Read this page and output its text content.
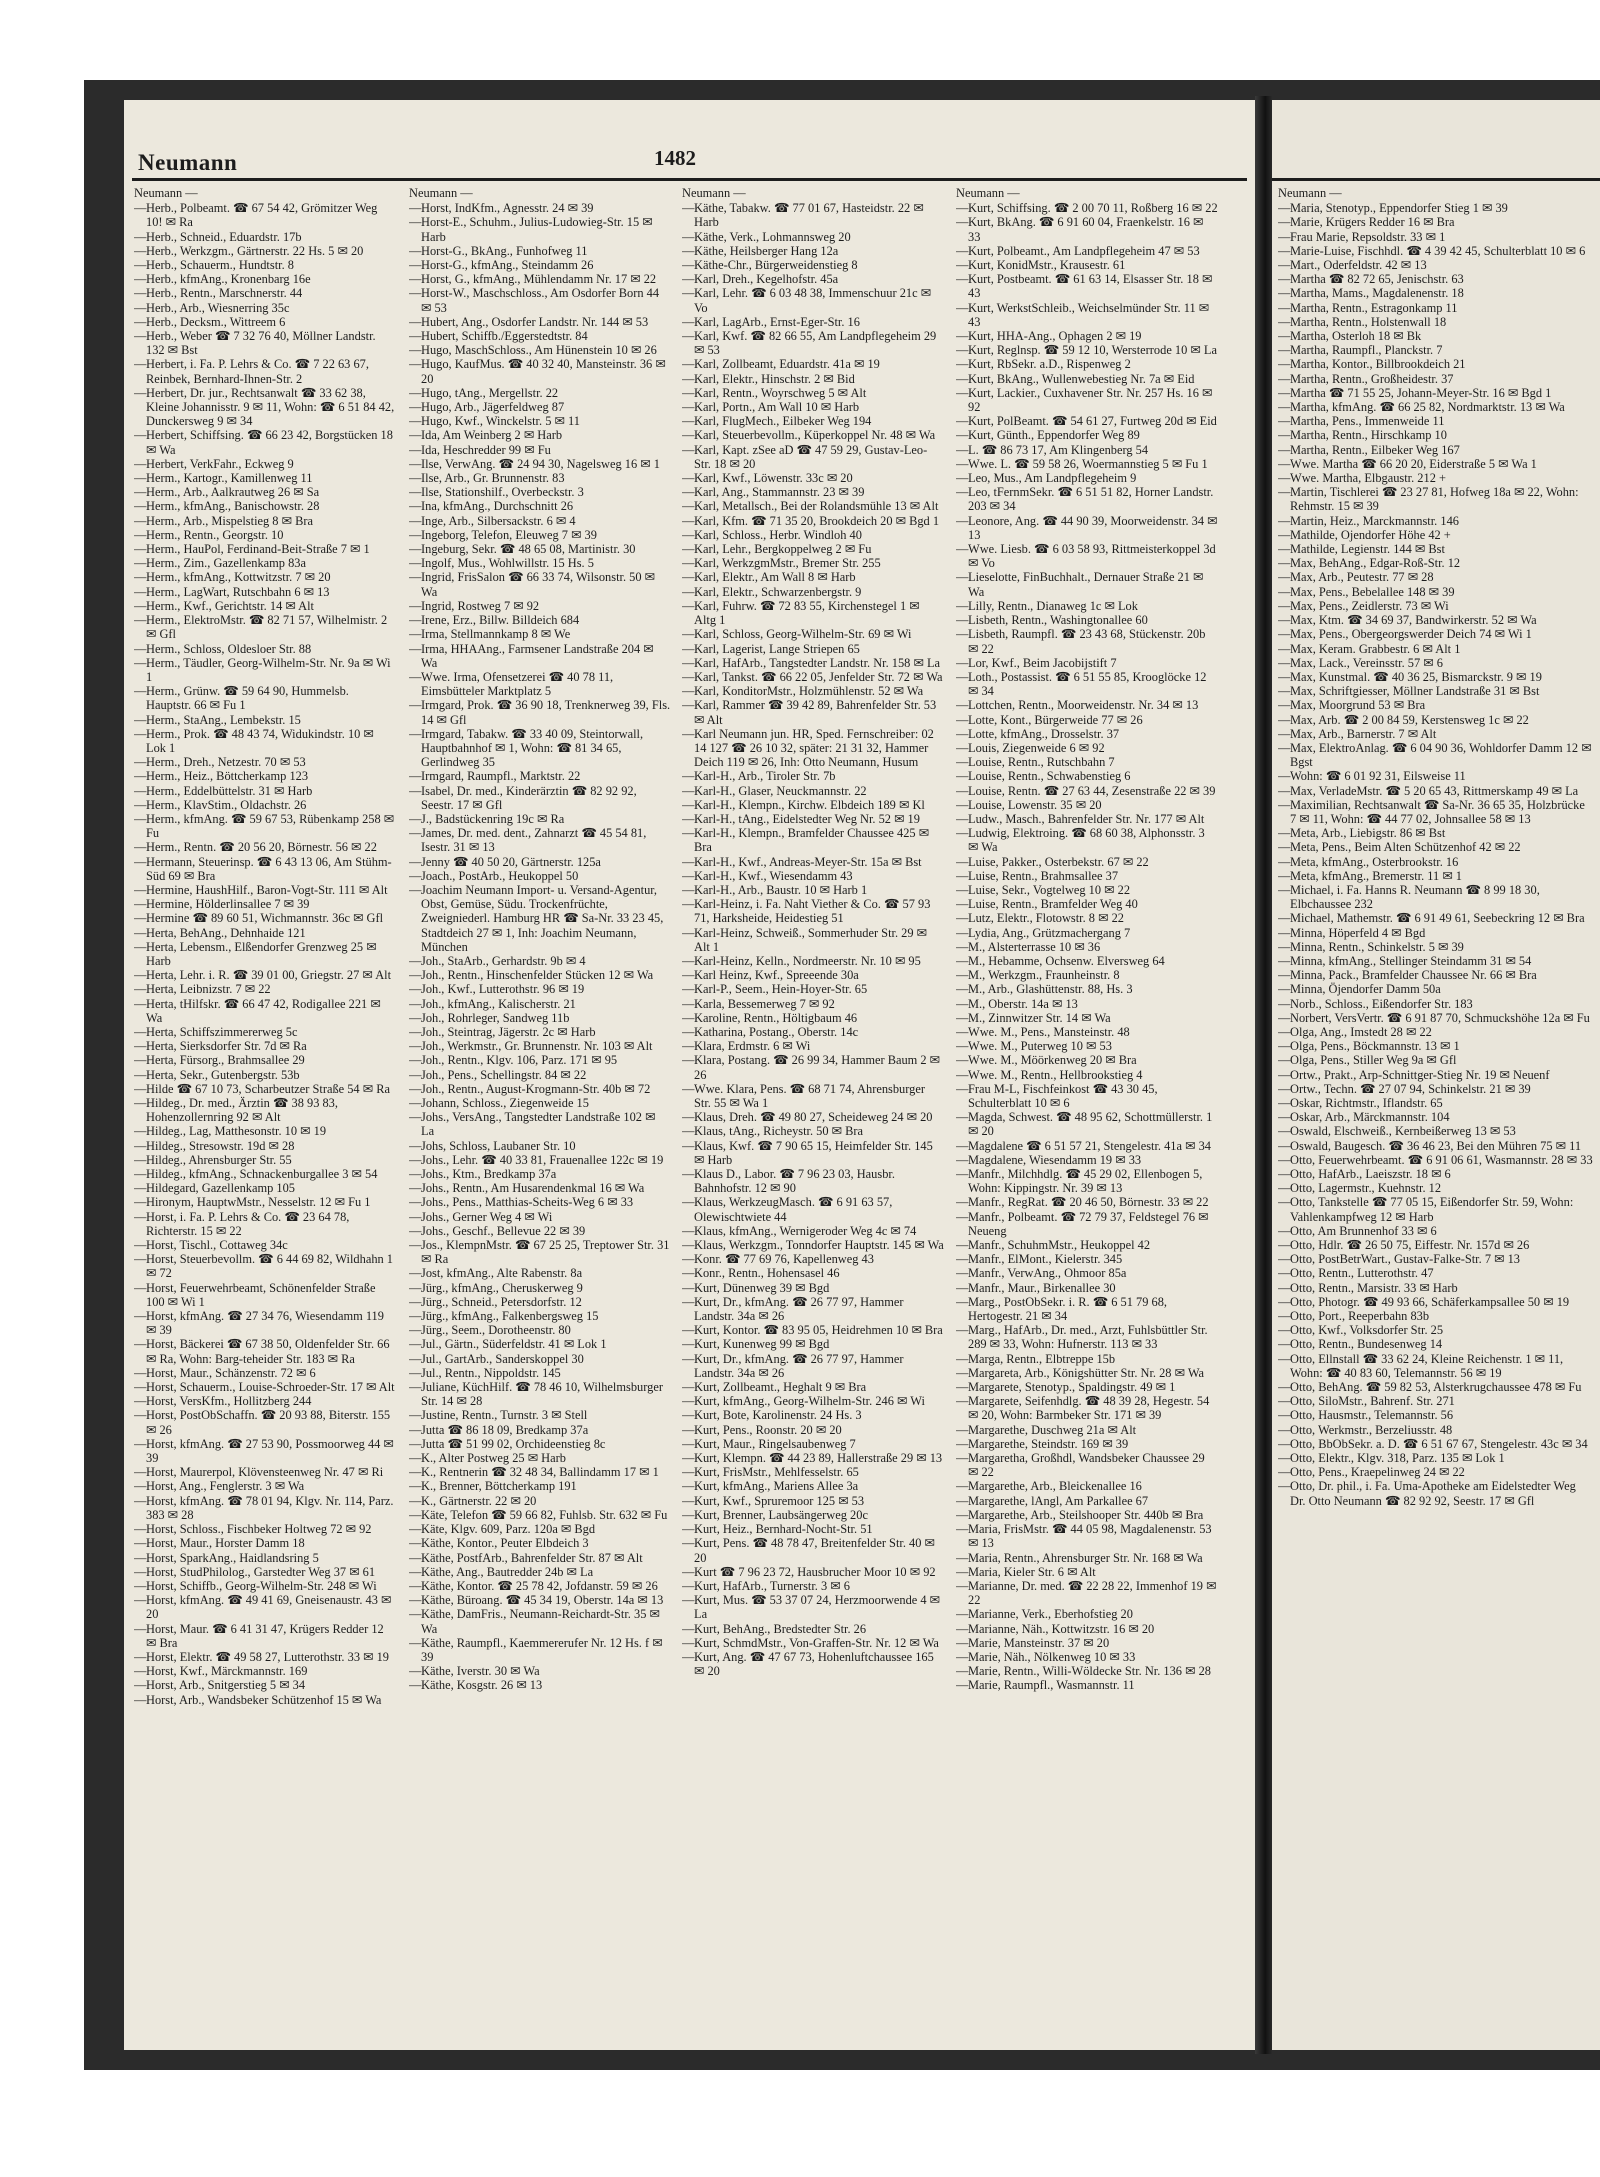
Neumann	1482
Neumann —

—Herb., Polbeamt. ☎ 67 54 42, Grömitzer Weg 10! ✉ Ra

—Herb., Schneid., Eduardstr. 17b

—Herb., Werkzgm., Gärtnerstr. 22 Hs. 5 ✉ 20

—Herb., Schauerm., Hundtstr. 8

—Herb., kfmAng., Kronenbarg 16e

—Herb., Rentn., Marschnerstr. 44

—Herb., Arb., Wiesnerring 35c

—Herb., Decksm., Wittreem 6

—Herb., Weber ☎ 7 32 76 40, Möllner Landstr. 132 ✉ Bst

—Herbert, i. Fa. P. Lehrs & Co. ☎ 7 22 63 67, Reinbek, Bernhard-Ihnen-Str. 2

—Herbert, Dr. jur., Rechtsanwalt ☎ 33 62 38, Kleine Johannisstr. 9 ✉ 11, Wohn: ☎ 6 51 84 42, Dunckersweg 9 ✉ 34

—Herbert, Schiffsing. ☎ 66 23 42, Borgstücken 18 ✉ Wa

—Herbert, VerkFahr., Eckweg 9

—Herm., Kartogr., Kamillenweg 11

—Herm., Arb., Aalkrautweg 26 ✉ Sa

—Herm., kfmAng., Banischowstr. 28

—Herm., Arb., Mispelstieg 8 ✉ Bra

—Herm., Rentn., Georgstr. 10

—Herm., HauPol, Ferdinand-Beit-Straße 7 ✉ 1

—Herm., Zim., Gazellenkamp 83a

—Herm., kfmAng., Kottwitzstr. 7 ✉ 20

—Herm., LagWart, Rutschbahn 6 ✉ 13

—Herm., Kwf., Gerichtstr. 14 ✉ Alt

—Herm., ElektroMstr. ☎ 82 71 57, Wilhelmistr. 2 ✉ Gfl

—Herm., Schloss, Oldesloer Str. 88

—Herm., Täudler, Georg-Wilhelm-Str. Nr. 9a ✉ Wi 1

—Herm., Grünw. ☎ 59 64 90, Hummelsb. Hauptstr. 66 ✉ Fu 1

—Herm., StaAng., Lembekstr. 15

—Herm., Prok. ☎ 48 43 74, Widukindstr. 10 ✉ Lok 1

—Herm., Dreh., Netzestr. 70 ✉ 53

—Herm., Heiz., Böttcherkamp 123

—Herm., Eddelbüttelstr. 31 ✉ Harb

—Herm., KlavStim., Oldachstr. 26

—Herm., kfmAng. ☎ 59 67 53, Rübenkamp 258 ✉ Fu

—Herm., Rentn. ☎ 20 56 20, Börnestr. 56 ✉ 22

—Hermann, Steuerinsp. ☎ 6 43 13 06, Am Stühm-Süd 69 ✉ Bra

—Hermine, HaushHilf., Baron-Vogt-Str. 111 ✉ Alt

—Hermine, Hölderlinsallee 7 ✉ 39

—Hermine ☎ 89 60 51, Wichmannstr. 36c ✉ Gfl

—Herta, BehAng., Dehnhaide 121

—Herta, Lebensm., Elßendorfer Grenzweg 25 ✉ Harb

—Herta, Lehr. i. R. ☎ 39 01 00, Griegstr. 27 ✉ Alt

—Herta, Leibnizstr. 7 ✉ 22

—Herta, tHilfskr. ☎ 66 47 42, Rodigallee 221 ✉ Wa

—Herta, Schiffszimmererweg 5c

—Herta, Sierksdorfer Str. 7d ✉ Ra

—Herta, Fürsorg., Brahmsallee 29

—Herta, Sekr., Gutenbergstr. 53b

—Hilde ☎ 67 10 73, Scharbeutzer Straße 54 ✉ Ra

—Hildeg., Dr. med., Ärztin ☎ 38 93 83, Hohenzollernring 92 ✉ Alt

—Hildeg., Lag, Matthesonstr. 10 ✉ 19

—Hildeg., Stresowstr. 19d ✉ 28

—Hildeg., Ahrensburger Str. 55

—Hildeg., kfmAng., Schnackenburgallee 3 ✉ 54

—Hildegard, Gazellenkamp 105

—Hironym, HauptwMstr., Nesselstr. 12 ✉ Fu 1

—Horst, i. Fa. P. Lehrs & Co. ☎ 23 64 78, Richterstr. 15 ✉ 22

—Horst, Tischl., Cottaweg 34c

—Horst, Steuerbevollm. ☎ 6 44 69 82, Wildhahn 1 ✉ 72

—Horst, Feuerwehrbeamt, Schönenfelder Straße 100 ✉ Wi 1

—Horst, kfmAng. ☎ 27 34 76, Wiesendamm 119 ✉ 39

—Horst, Bäckerei ☎ 67 38 50, Oldenfelder Str. 66 ✉ Ra, Wohn: Barg-teheider Str. 183 ✉ Ra

—Horst, Maur., Schänzenstr. 72 ✉ 6

—Horst, Schauerm., Louise-Schroeder-Str. 17 ✉ Alt

—Horst, VersKfm., Hollitzberg 244

—Horst, PostObSchaffn. ☎ 20 93 88, Biterstr. 155 ✉ 26

—Horst, kfmAng. ☎ 27 53 90, Possmoorweg 44 ✉ 39

—Horst, Maurerpol, Klövensteenweg Nr. 47 ✉ Ri

—Horst, Ang., Fenglerstr. 3 ✉ Wa

—Horst, kfmAng. ☎ 78 01 94, Klgv. Nr. 114, Parz. 383 ✉ 28

—Horst, Schloss., Fischbeker Holtweg 72 ✉ 92

—Horst, Maur., Horster Damm 18

—Horst, SparkAng., Haidlandsring 5

—Horst, StudPhilolog., Garstedter Weg 37 ✉ 61

—Horst, Schiffb., Georg-Wilhelm-Str. 248 ✉ Wi

—Horst, kfmAng. ☎ 49 41 69, Gneisenaustr. 43 ✉ 20

—Horst, Maur. ☎ 6 41 31 47, Krügers Redder 12 ✉ Bra

—Horst, Elektr. ☎ 49 58 27, Lutterothstr. 33 ✉ 19

—Horst, Kwf., Märckmannstr. 169

—Horst, Arb., Snitgerstieg 5 ✉ 34

—Horst, Arb., Wandsbeker Schützenhof 15 ✉ Wa

Neumann —

—Horst, IndKfm., Agnesstr. 24 ✉ 39

—Horst-E., Schuhm., Julius-Ludowieg-Str. 15 ✉ Harb

—Horst-G., BkAng., Funhofweg 11

—Horst-G., kfmAng., Steindamm 26

—Horst, G., kfmAng., Mühlendamm Nr. 17 ✉ 22

—Horst-W., Maschschloss., Am Osdorfer Born 44 ✉ 53

—Hubert, Ang., Osdorfer Landstr. Nr. 144 ✉ 53

—Hubert, Schiffb./Eggerstedtstr. 84

—Hugo, MaschSchloss., Am Hünenstein 10 ✉ 26

—Hugo, KaufMus. ☎ 40 32 40, Mansteinstr. 36 ✉ 20

—Hugo, tAng., Mergellstr. 22

—Hugo, Arb., Jägerfeldweg 87

—Hugo, Kwf., Winckelstr. 5 ✉ 11

—Ida, Am Weinberg 2 ✉ Harb

—Ida, Heschredder 99 ✉ Fu

—Ilse, VerwAng. ☎ 24 94 30, Nagelsweg 16 ✉ 1

—Ilse, Arb., Gr. Brunnenstr. 83

—Ilse, Stationshilf., Overbeckstr. 3

—Ina, kfmAng., Durchschnitt 26

—Inge, Arb., Silbersackstr. 6 ✉ 4

—Ingeborg, Telefon, Eleuweg 7 ✉ 39

—Ingeburg, Sekr. ☎ 48 65 08, Martinistr. 30

—Ingolf, Mus., Wohlwillstr. 15 Hs. 5

—Ingrid, FrisSalon ☎ 66 33 74, Wilsonstr. 50 ✉ Wa

—Ingrid, Rostweg 7 ✉ 92

—Irene, Erz., Billw. Billdeich 684

—Irma, Stellmannkamp 8 ✉ We

—Irma, HHAAng., Farmsener Landstraße 204 ✉ Wa

—Wwe. Irma, Ofensetzerei ☎ 40 78 11, Eimsbütteler Marktplatz 5

—Irmgard, Prok. ☎ 36 90 18, Trenknerweg 39, Fls. 14 ✉ Gfl

—Irmgard, Tabakw. ☎ 33 40 09, Steintorwall, Hauptbahnhof ✉ 1, Wohn: ☎ 81 34 65, Gerlindweg 35

—Irmgard, Raumpfl., Marktstr. 22

—Isabel, Dr. med., Kinderärztin ☎ 82 92 92, Seestr. 17 ✉ Gfl

—J., Badstückenring 19c ✉ Ra

—James, Dr. med. dent., Zahnarzt ☎ 45 54 81, Isestr. 31 ✉ 13

—Jenny ☎ 40 50 20, Gärtnerstr. 125a

—Joach., PostArb., Heukoppel 50

—Joachim Neumann Import- u. Versand-Agentur, Obst, Gemüse, Südu. Trockenfrüchte, Zweigniederl. Hamburg HR ☎ Sa-Nr. 33 23 45, Stadtdeich 27 ✉ 1, Inh: Joachim Neumann, München

—Joh., StaArb., Gerhardstr. 9b ✉ 4

—Joh., Rentn., Hinschenfelder Stücken 12 ✉ Wa

—Joh., Kwf., Lutterothstr. 96 ✉ 19

—Joh., kfmAng., Kalischerstr. 21

—Joh., Rohrleger, Sandweg 11b

—Joh., Steintrag, Jägerstr. 2c ✉ Harb

—Joh., Werkmstr., Gr. Brunnenstr. Nr. 103 ✉ Alt

—Joh., Rentn., Klgv. 106, Parz. 171 ✉ 95

—Joh., Pens., Schellingstr. 84 ✉ 22

—Joh., Rentn., August-Krogmann-Str. 40b ✉ 72

—Johann, Schloss., Ziegenweide 15

—Johs., VersAng., Tangstedter Landstraße 102 ✉ La

—Johs, Schloss, Laubaner Str. 10

—Johs., Lehr. ☎ 40 33 81, Frauenallee 122c ✉ 19

—Johs., Ktm., Bredkamp 37a

—Johs., Rentn., Am Husarendenkmal 16 ✉ Wa

—Johs., Pens., Matthias-Scheits-Weg 6 ✉ 33

—Johs., Gerner Weg 4 ✉ Wi

—Johs., Geschf., Bellevue 22 ✉ 39

—Jos., KlempnMstr. ☎ 67 25 25, Treptower Str. 31 ✉ Ra

—Jost, kfmAng., Alte Rabenstr. 8a

—Jürg., kfmAng., Cheruskerweg 9

—Jürg., Schneid., Petersdorfstr. 12

—Jürg., kfmAng., Falkenbergsweg 15

—Jürg., Seem., Dorotheenstr. 80

—Jul., Gärtn., Süderfeldstr. 41 ✉ Lok 1

—Jul., GartArb., Sanderskoppel 30

—Jul., Rentn., Nippoldstr. 145

—Juliane, KüchHilf. ☎ 78 46 10, Wilhelmsburger Str. 14 ✉ 28

—Justine, Rentn., Turnstr. 3 ✉ Stell

—Jutta ☎ 86 18 09, Bredkamp 37a

—Jutta ☎ 51 99 02, Orchideenstieg 8c

—K., Alter Postweg 25 ✉ Harb

—K., Rentnerin ☎ 32 48 34, Ballindamm 17 ✉ 1

—K., Brenner, Böttcherkamp 191

—K., Gärtnerstr. 22 ✉ 20

—Käte, Telefon ☎ 59 66 82, Fuhlsb. Str. 632 ✉ Fu

—Käte, Klgv. 609, Parz. 120a ✉ Bgd

—Käthe, Kontor., Peuter Elbdeich 3

—Käthe, PostfArb., Bahrenfelder Str. 87 ✉ Alt

—Käthe, Ang., Bautredder 24b ✉ La

—Käthe, Kontor. ☎ 25 78 42, Jofdanstr. 59 ✉ 26

—Käthe, Büroang. ☎ 45 34 19, Oberstr. 14a ✉ 13

—Käthe, DamFris., Neumann-Reichardt-Str. 35 ✉ Wa

—Käthe, Raumpfl., Kaemmererufer Nr. 12 Hs. f ✉ 39

—Käthe, Iverstr. 30 ✉ Wa

—Käthe, Kosgstr. 26 ✉ 13

Neumann —

—Käthe, Tabakw. ☎ 77 01 67, Hasteidstr. 22 ✉ Harb

—Käthe, Verk., Lohmannsweg 20

—Käthe, Heilsberger Hang 12a

—Käthe-Chr., Bürgerweidenstieg 8

—Karl, Dreh., Kegelhofstr. 45a

—Karl, Lehr. ☎ 6 03 48 38, Immenschuur 21c ✉ Vo

—Karl, LagArb., Ernst-Eger-Str. 16

—Karl, Kwf. ☎ 82 66 55, Am Landpflegeheim 29 ✉ 53

—Karl, Zollbeamt, Eduardstr. 41a ✉ 19

—Karl, Elektr., Hinschstr. 2 ✉ Bid

—Karl, Rentn., Woyrschweg 5 ✉ Alt

—Karl, Portn., Am Wall 10 ✉ Harb

—Karl, FlugMech., Eilbeker Weg 194

—Karl, Steuerbevollm., Küperkoppel Nr. 48 ✉ Wa

—Karl, Kapt. zSee aD ☎ 47 59 29, Gustav-Leo-Str. 18 ✉ 20

—Karl, Kwf., Löwenstr. 33c ✉ 20

—Karl, Ang., Stammannstr. 23 ✉ 39

—Karl, Metallsch., Bei der Rolandsmühle 13 ✉ Alt

—Karl, Kfm. ☎ 71 35 20, Brookdeich 20 ✉ Bgd 1

—Karl, Schloss., Herbr. Windloh 40

—Karl, Lehr., Bergkoppelweg 2 ✉ Fu

—Karl, WerkzgmMstr., Bremer Str. 255

—Karl, Elektr., Am Wall 8 ✉ Harb

—Karl, Elektr., Schwarzenbergstr. 9

—Karl, Fuhrw. ☎ 72 83 55, Kirchenstegel 1 ✉ Altg 1

—Karl, Schloss, Georg-Wilhelm-Str. 69 ✉ Wi

—Karl, Lagerist, Lange Striepen 65

—Karl, HafArb., Tangstedter Landstr. Nr. 158 ✉ La

—Karl, Tankst. ☎ 66 22 05, Jenfelder Str. 72 ✉ Wa

—Karl, KonditorMstr., Holzmühlenstr. 52 ✉ Wa

—Karl, Rammer ☎ 39 42 89, Bahrenfelder Str. 53 ✉ Alt

—Karl Neumann jun. HR, Sped. Fernschreiber: 02 14 127 ☎ 26 10 32, später: 21 31 32, Hammer Deich 119 ✉ 26, Inh: Otto Neumann, Husum

—Karl-H., Arb., Tiroler Str. 7b

—Karl-H., Glaser, Neuckmannstr. 22

—Karl-H., Klempn., Kirchw. Elbdeich 189 ✉ Kl

—Karl-H., tAng., Eidelstedter Weg Nr. 52 ✉ 19

—Karl-H., Klempn., Bramfelder Chaussee 425 ✉ Bra

—Karl-H., Kwf., Andreas-Meyer-Str. 15a ✉ Bst

—Karl-H., Kwf., Wiesendamm 43

—Karl-H., Arb., Baustr. 10 ✉ Harb 1

—Karl-Heinz, i. Fa. Naht Viether & Co. ☎ 57 93 71, Harksheide, Heidestieg 51

—Karl-Heinz, Schweiß., Sommerhuder Str. 29 ✉ Alt 1

—Karl-Heinz, Kelln., Nordmeerstr. Nr. 10 ✉ 95

—Karl Heinz, Kwf., Spreeende 30a

—Karl-P., Seem., Hein-Hoyer-Str. 65

—Karla, Bessemerweg 7 ✉ 92

—Karoline, Rentn., Höltigbaum 46

—Katharina, Postang., Oberstr. 14c

—Klara, Erdmstr. 6 ✉ Wi

—Klara, Postang. ☎ 26 99 34, Hammer Baum 2 ✉ 26

—Wwe. Klara, Pens. ☎ 68 71 74, Ahrensburger Str. 55 ✉ Wa 1

—Klaus, Dreh. ☎ 49 80 27, Scheideweg 24 ✉ 20

—Klaus, tAng., Richeystr. 50 ✉ Bra

—Klaus, Kwf. ☎ 7 90 65 15, Heimfelder Str. 145 ✉ Harb

—Klaus D., Labor. ☎ 7 96 23 03, Hausbr. Bahnhofstr. 12 ✉ 90

—Klaus, WerkzeugMasch. ☎ 6 91 63 57, Olewischtwiete 44

—Klaus, kfmAng., Wernigeroder Weg 4c ✉ 74

—Klaus, Werkzgm., Tonndorfer Hauptstr. 145 ✉ Wa

—Konr. ☎ 77 69 76, Kapellenweg 43

—Konr., Rentn., Hohensasel 46

—Kurt, Dünenweg 39 ✉ Bgd

—Kurt, Dr., kfmAng. ☎ 26 77 97, Hammer Landstr. 34a ✉ 26

—Kurt, Kontor. ☎ 83 95 05, Heidrehmen 10 ✉ Bra

—Kurt, Kunenweg 99 ✉ Bgd

—Kurt, Dr., kfmAng. ☎ 26 77 97, Hammer Landstr. 34a ✉ 26

—Kurt, Zollbeamt., Heghalt 9 ✉ Bra

—Kurt, kfmAng., Georg-Wilhelm-Str. 246 ✉ Wi

—Kurt, Bote, Karolinenstr. 24 Hs. 3

—Kurt, Pens., Roonstr. 20 ✉ 20

—Kurt, Maur., Ringelsaubenweg 7

—Kurt, Klempn. ☎ 44 23 89, Hallerstraße 29 ✉ 13

—Kurt, FrisMstr., Mehlfesselstr. 65

—Kurt, kfmAng., Mariens Allee 3a

—Kurt, Kwf., Spruremoor 125 ✉ 53

—Kurt, Brenner, Laubsängerweg 20c

—Kurt, Heiz., Bernhard-Nocht-Str. 51

—Kurt, Pens. ☎ 48 78 47, Breitenfelder Str. 40 ✉ 20

—Kurt ☎ 7 96 23 72, Hausbrucher Moor 10 ✉ 92

—Kurt, HafArb., Turnerstr. 3 ✉ 6

—Kurt, Mus. ☎ 53 37 07 24, Herzmoorwende 4 ✉ La

—Kurt, BehAng., Bredstedter Str. 26

—Kurt, SchmdMstr., Von-Graffen-Str. Nr. 12 ✉ Wa

—Kurt, Ang. ☎ 47 67 73, Hohenluftchaussee 165 ✉ 20

Neumann —

—Kurt, Schiffsing. ☎ 2 00 70 11, Roßberg 16 ✉ 22

—Kurt, BkAng. ☎ 6 91 60 04, Fraenkelstr. 16 ✉ 33

—Kurt, Polbeamt., Am Landpflegeheim 47 ✉ 53

—Kurt, KonidMstr., Krausestr. 61

—Kurt, Postbeamt. ☎ 61 63 14, Elsasser Str. 18 ✉ 43

—Kurt, WerkstSchleib., Weichselmünder Str. 11 ✉ 43

—Kurt, HHA-Ang., Ophagen 2 ✉ 19

—Kurt, Reglnsp. ☎ 59 12 10, Wersterrode 10 ✉ La

—Kurt, RbSekr. a.D., Rispenweg 2

—Kurt, BkAng., Wullenwebestieg Nr. 7a ✉ Eid

—Kurt, Lackier., Cuxhavener Str. Nr. 257 Hs. 16 ✉ 92

—Kurt, PolBeamt. ☎ 54 61 27, Furtweg 20d ✉ Eid

—Kurt, Günth., Eppendorfer Weg 89

—L. ☎ 86 73 17, Am Klingenberg 54

—Wwe. L. ☎ 59 58 26, Woermannstieg 5 ✉ Fu 1

—Leo, Mus., Am Landpflegeheim 9

—Leo, tFernmSekr. ☎ 6 51 51 82, Horner Landstr. 203 ✉ 34

—Leonore, Ang. ☎ 44 90 39, Moorweidenstr. 34 ✉ 13

—Wwe. Liesb. ☎ 6 03 58 93, Rittmeisterkoppel 3d ✉ Vo

—Lieselotte, FinBuchhalt., Dernauer Straße 21 ✉ Wa

—Lilly, Rentn., Dianaweg 1c ✉ Lok

—Lisbeth, Rentn., Washingtonallee 60

—Lisbeth, Raumpfl. ☎ 23 43 68, Stückenstr. 20b ✉ 22

—Lor, Kwf., Beim Jacobijstift 7

—Loth., Postassist. ☎ 6 51 55 85, Krooglöcke 12 ✉ 34

—Lottchen, Rentn., Moorweidenstr. Nr. 34 ✉ 13

—Lotte, Kont., Bürgerweide 77 ✉ 26

—Lotte, kfmAng., Drosselstr. 37

—Louis, Ziegenweide 6 ✉ 92

—Louise, Rentn., Rutschbahn 7

—Louise, Rentn., Schwabenstieg 6

—Louise, Rentn. ☎ 27 63 44, Zesenstraße 22 ✉ 39

—Louise, Lowenstr. 35 ✉ 20

—Ludw., Masch., Bahrenfelder Str. Nr. 177 ✉ Alt

—Ludwig, Elektroing. ☎ 68 60 38, Alphonsstr. 3 ✉ Wa

—Luise, Pakker., Osterbekstr. 67 ✉ 22

—Luise, Rentn., Brahmsallee 37

—Luise, Sekr., Vogtelweg 10 ✉ 22

—Luise, Rentn., Bramfelder Weg 40

—Lutz, Elektr., Flotowstr. 8 ✉ 22

—Lydia, Ang., Grützmachergang 7

—M., Alsterterrasse 10 ✉ 36

—M., Hebamme, Ochsenw. Elversweg 64

—M., Werkzgm., Fraunheinstr. 8

—M., Arb., Glashüttenstr. 88, Hs. 3

—M., Oberstr. 14a ✉ 13

—M., Zinnwitzer Str. 14 ✉ Wa

—Wwe. M., Pens., Mansteinstr. 48

—Wwe. M., Puterweg 10 ✉ 53

—Wwe. M., Möörkenweg 20 ✉ Bra

—Wwe. M., Rentn., Hellbrookstieg 4

—Frau M-L, Fischfeinkost ☎ 43 30 45, Schulterblatt 10 ✉ 6

—Magda, Schwest. ☎ 48 95 62, Schottmüllerstr. 1 ✉ 20

—Magdalene ☎ 6 51 57 21, Stengelestr. 41a ✉ 34

—Magdalene, Wiesendamm 19 ✉ 33

—Manfr., Milchhdlg. ☎ 45 29 02, Ellenbogen 5, Wohn: Kippingstr. Nr. 39 ✉ 13

—Manfr., RegRat. ☎ 20 46 50, Börnestr. 33 ✉ 22

—Manfr., Polbeamt. ☎ 72 79 37, Feldstegel 76 ✉ Neueng

—Manfr., SchuhmMstr., Heukoppel 42

—Manfr., ElMont., Kielerstr. 345

—Manfr., VerwAng., Ohmoor 85a

—Manfr., Maur., Birkenallee 30

—Marg., PostObSekr. i. R. ☎ 6 51 79 68, Hertogestr. 21 ✉ 34

—Marg., HafArb., Dr. med., Arzt, Fuhlsbüttler Str. 289 ✉ 33, Wohn: Hufnerstr. 113 ✉ 33

—Marga, Rentn., Elbtreppe 15b

—Margareta, Arb., Königshütter Str. Nr. 28 ✉ Wa

—Margarete, Stenotyp., Spaldingstr. 49 ✉ 1

—Margarete, Seifenhdlg. ☎ 48 39 28, Hegestr. 54 ✉ 20, Wohn: Barmbeker Str. 171 ✉ 39

—Margarethe, Duschweg 21a ✉ Alt

—Margarethe, Steindstr. 169 ✉ 39

—Margaretha, Großhdl, Wandsbeker Chaussee 29 ✉ 22

—Margarethe, Arb., Bleickenallee 16

—Margarethe, lAngl, Am Parkallee 67

—Margarethe, Arb., Steilshooper Str. 440b ✉ Bra

—Maria, FrisMstr. ☎ 44 05 98, Magdalenenstr. 53 ✉ 13

—Maria, Rentn., Ahrensburger Str. Nr. 168 ✉ Wa

—Maria, Kieler Str. 6 ✉ Alt

—Marianne, Dr. med. ☎ 22 28 22, Immenhof 19 ✉ 22

—Marianne, Verk., Eberhofstieg 20

—Marianne, Näh., Kottwitzstr. 16 ✉ 20

—Marie, Mansteinstr. 37 ✉ 20

—Marie, Näh., Nölkenweg 10 ✉ 33

—Marie, Rentn., Willi-Wöldecke Str. Nr. 136 ✉ 28

—Marie, Raumpfl., Wasmannstr. 11

Neumann —

—Maria, Stenotyp., Eppendorfer Stieg 1 ✉ 39

—Marie, Krügers Redder 16 ✉ Bra

—Frau Marie, Repsoldstr. 33 ✉ 1

—Marie-Luise, Fischhdl. ☎ 4 39 42 45, Schulterblatt 10 ✉ 6

—Mart., Oderfeldstr. 42 ✉ 13

—Martha ☎ 82 72 65, Jenischstr. 63

—Martha, Mams., Magdalenenstr. 18

—Martha, Rentn., Estragonkamp 11

—Martha, Rentn., Holstenwall 18

—Martha, Osterloh 18 ✉ Bk

—Martha, Raumpfl., Planckstr. 7

—Martha, Kontor., Billbrookdeich 21

—Martha, Rentn., Großheidestr. 37

—Martha ☎ 71 55 25, Johann-Meyer-Str. 16 ✉ Bgd 1

—Martha, kfmAng. ☎ 66 25 82, Nordmarktstr. 13 ✉ Wa

—Martha, Pens., Immenweide 11

—Martha, Rentn., Hirschkamp 10

—Martha, Rentn., Eilbeker Weg 167

—Wwe. Martha ☎ 66 20 20, Eiderstraße 5 ✉ Wa 1

—Wwe. Martha, Elbgaustr. 212 +

—Martin, Tischlerei ☎ 23 27 81, Hofweg 18a ✉ 22, Wohn: Rehmstr. 15 ✉ 39

—Martin, Heiz., Marckmannstr. 146

—Mathilde, Ojendorfer Höhe 42 +

—Mathilde, Legienstr. 144 ✉ Bst

—Max, BehAng., Edgar-Roß-Str. 12

—Max, Arb., Peutestr. 77 ✉ 28

—Max, Pens., Bebelallee 148 ✉ 39

—Max, Pens., Zeidlerstr. 73 ✉ Wi

—Max, Ktm. ☎ 34 69 37, Bandwirkerstr. 52 ✉ Wa

—Max, Pens., Obergeorgswerder Deich 74 ✉ Wi 1

—Max, Keram. Grabbestr. 6 ✉ Alt 1

—Max, Lack., Vereinsstr. 57 ✉ 6

—Max, Kunstmal. ☎ 40 36 25, Bismarckstr. 9 ✉ 19

—Max, Schriftgiesser, Möllner Landstraße 31 ✉ Bst

—Max, Moorgrund 53 ✉ Bra

—Max, Arb. ☎ 2 00 84 59, Kerstensweg 1c ✉ 22

—Max, Arb., Barnerstr. 7 ✉ Alt

—Max, ElektroAnlag. ☎ 6 04 90 36, Wohldorfer Damm 12 ✉ Bgst

—Wohn: ☎ 6 01 92 31, Eilsweise 11

—Max, VerladeMstr. ☎ 5 20 65 43, Rittmerskamp 49 ✉ La

—Maximilian, Rechtsanwalt ☎ Sa-Nr. 36 65 35, Holzbrücke 7 ✉ 11, Wohn: ☎ 44 77 02, Johnsallee 58 ✉ 13

—Meta, Arb., Liebigstr. 86 ✉ Bst

—Meta, Pens., Beim Alten Schützenhof 42 ✉ 22

—Meta, kfmAng., Osterbrookstr. 16

—Meta, kfmAng., Bremerstr. 11 ✉ 1

—Michael, i. Fa. Hanns R. Neumann ☎ 8 99 18 30, Elbchaussee 232

—Michael, Mathemstr. ☎ 6 91 49 61, Seebeckring 12 ✉ Bra

—Minna, Höperfeld 4 ✉ Bgd

—Minna, Rentn., Schinkelstr. 5 ✉ 39

—Minna, kfmAng., Stellinger Steindamm 31 ✉ 54

—Minna, Pack., Bramfelder Chaussee Nr. 66 ✉ Bra

—Minna, Öjendorfer Damm 50a

—Norb., Schloss., Eißendorfer Str. 183

—Norbert, VersVertr. ☎ 6 91 87 70, Schmuckshöhe 12a ✉ Fu

—Olga, Ang., Imstedt 28 ✉ 22

—Olga, Pens., Böckmannstr. 13 ✉ 1

—Olga, Pens., Stiller Weg 9a ✉ Gfl

—Ortw., Prakt., Arp-Schnittger-Stieg Nr. 19 ✉ Neuenf

—Ortw., Techn. ☎ 27 07 94, Schinkelstr. 21 ✉ 39

—Oskar, Richtmstr., Iflandstr. 65

—Oskar, Arb., Märckmannstr. 104

—Oswald, Elschweiß., Kernbeißerweg 13 ✉ 53

—Oswald, Baugesch. ☎ 36 46 23, Bei den Mühren 75 ✉ 11

—Otto, Feuerwehrbeamt. ☎ 6 91 06 61, Wasmannstr. 28 ✉ 33

—Otto, HafArb., Laeiszstr. 18 ✉ 6

—Otto, Lagermstr., Kuehnstr. 12

—Otto, Tankstelle ☎ 77 05 15, Eißendorfer Str. 59, Wohn: Vahlenkampfweg 12 ✉ Harb

—Otto, Am Brunnenhof 33 ✉ 6

—Otto, Hdlr. ☎ 26 50 75, Eiffestr. Nr. 157d ✉ 26

—Otto, PostBetrWart., Gustav-Falke-Str. 7 ✉ 13

—Otto, Rentn., Lutterothstr. 47

—Otto, Rentn., Marsistr. 33 ✉ Harb

—Otto, Photogr. ☎ 49 93 66, Schäferkampsallee 50 ✉ 19

—Otto, Port., Reeperbahn 83b

—Otto, Kwf., Volksdorfer Str. 25

—Otto, Rentn., Bundesenweg 14

—Otto, Ellnstall ☎ 33 62 24, Kleine Reichenstr. 1 ✉ 11, Wohn: ☎ 40 83 60, Telemannstr. 56 ✉ 19

—Otto, BehAng. ☎ 59 82 53, Alsterkrugchaussee 478 ✉ Fu

—Otto, SiloMstr., Bahrenf. Str. 271

—Otto, Hausmstr., Telemannstr. 56

—Otto, Werkmstr., Berzeliusstr. 48

—Otto, BbObSekr. a. D. ☎ 6 51 67 67, Stengelestr. 43c ✉ 34

—Otto, Elektr., Klgv. 318, Parz. 135 ✉ Lok 1

—Otto, Pens., Kraepelinweg 24 ✉ 22

—Otto, Dr. phil., i. Fa. Uma-Apotheke am Eidelstedter Weg Dr. Otto Neumann ☎ 82 92 92, Seestr. 17 ✉ Gfl
